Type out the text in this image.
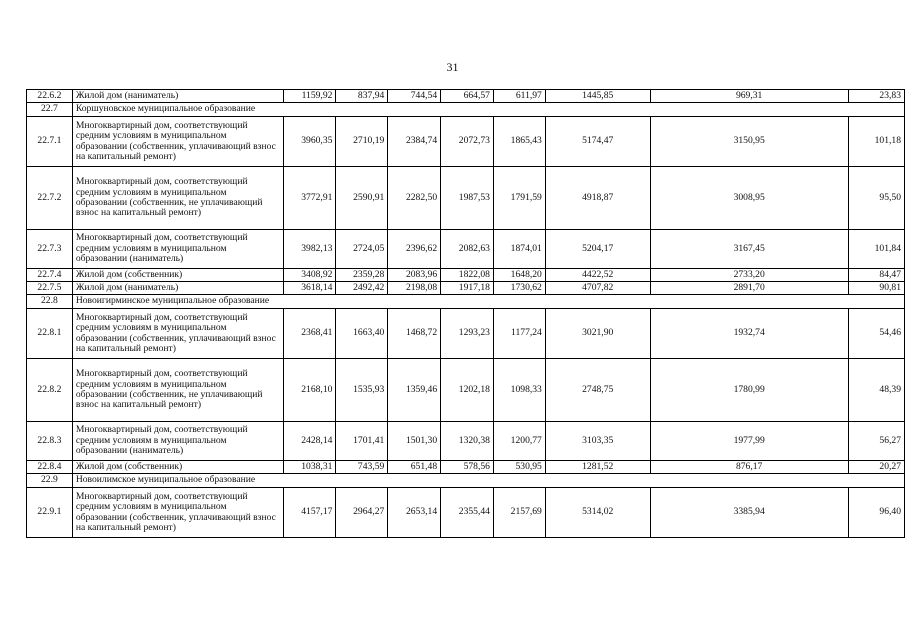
31
22.6.2	Жилой дом (наниматель)	1159,92	837,94	744,54	664,57	611,97	1445,85	969,31	23,83
22.7	Коршуновское муниципальное образование								
22.7.1	Многоквартирный дом, соответствующий средним условиям в муниципальном образовании (собственник, уплачивающий взнос на капитальный ремонт)	3960,35	2710,19	2384,74	2072,73	1865,43	5174,47	3150,95	101,18
22.7.2	Многоквартирный дом, соответствующий средним условиям в муниципальном образовании (собственник, не уплачивающий взнос на капитальный ремонт)	3772,91	2590,91	2282,50	1987,53	1791,59	4918,87	3008,95	95,50
22.7.3	Многоквартирный дом, соответствующий средним условиям в муниципальном образовании (наниматель)	3982,13	2724,05	2396,62	2082,63	1874,01	5204,17	3167,45	101,84
22.7.4	Жилой дом (собственник)	3408,92	2359,28	2083,96	1822,08	1648,20	4422,52	2733,20	84,47
22.7.5	Жилой дом (наниматель)	3618,14	2492,42	2198,08	1917,18	1730,62	4707,82	2891,70	90,81
22.8	Новоигирминское муниципальное образование								
22.8.1	Многоквартирный дом, соответствующий средним условиям в муниципальном образовании (собственник, уплачивающий взнос на капитальный ремонт)	2368,41	1663,40	1468,72	1293,23	1177,24	3021,90	1932,74	54,46
22.8.2	Многоквартирный дом, соответствующий средним условиям в муниципальном образовании (собственник, не уплачивающий взнос на капитальный ремонт)	2168,10	1535,93	1359,46	1202,18	1098,33	2748,75	1780,99	48,39
22.8.3	Многоквартирный дом, соответствующий средним условиям в муниципальном образовании (наниматель)	2428,14	1701,41	1501,30	1320,38	1200,77	3103,35	1977,99	56,27
22.8.4	Жилой дом (собственник)	1038,31	743,59	651,48	578,56	530,95	1281,52	876,17	20,27
22.9	Новоилимское муниципальное образование								
22.9.1	Многоквартирный дом, соответствующий средним условиям в муниципальном образовании (собственник, уплачивающий взнос на капитальный ремонт)	4157,17	2964,27	2653,14	2355,44	2157,69	5314,02	3385,94	96,40
